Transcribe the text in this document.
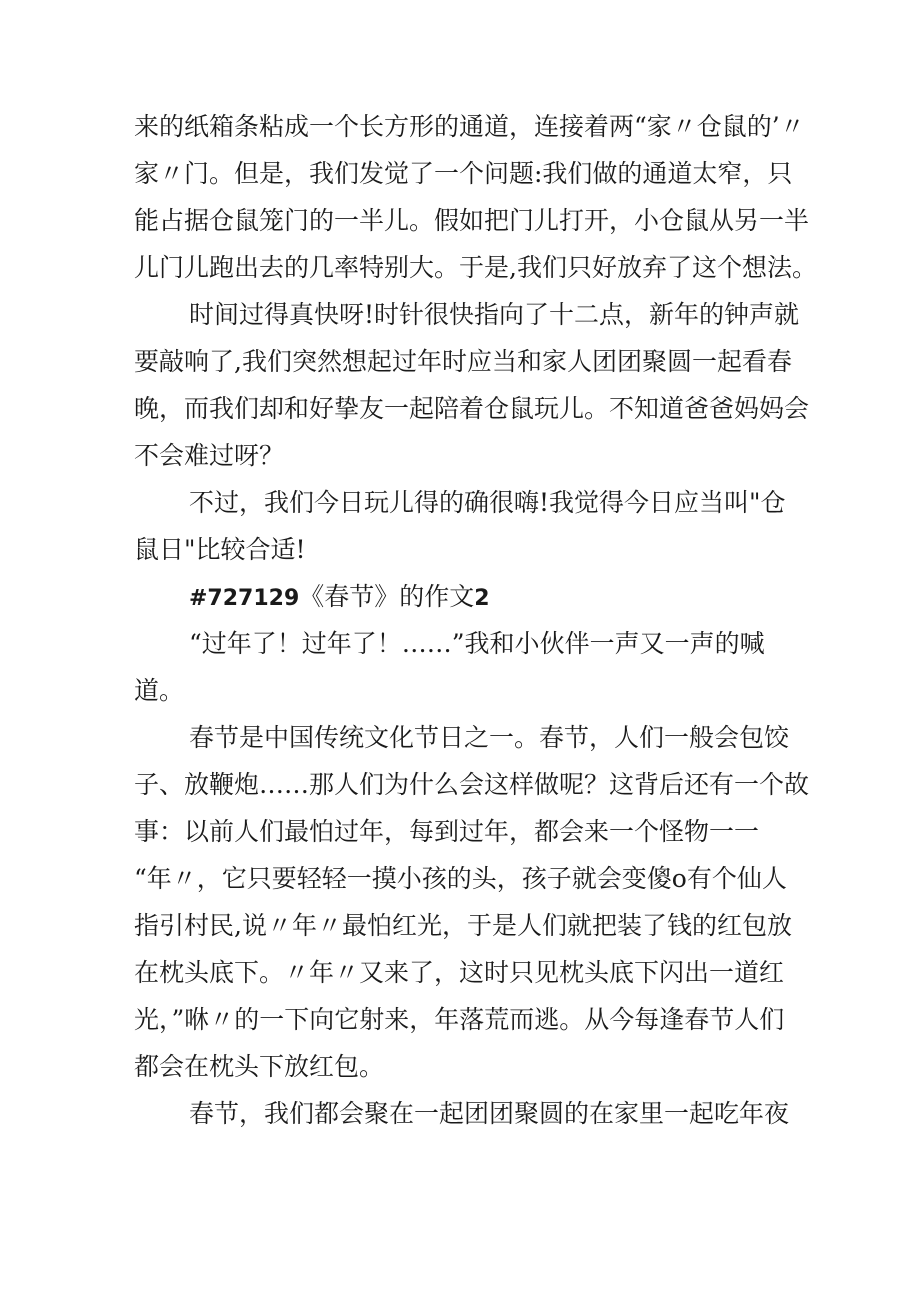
来的纸箱条粘成一个长方形的通道，连接着两“家〃仓鼠的’〃
家〃门。但是，我们发觉了一个问题:我们做的通道太窄，只
能占据仓鼠笼门的一半儿。假如把门儿打开，小仓鼠从另一半
儿门儿跑出去的几率特别大。于是,我们只好放弃了这个想法。
时间过得真快呀!时针很快指向了十二点，新年的钟声就
要敲响了,我们突然想起过年时应当和家人团团聚圆一起看春
晚，而我们却和好挚友一起陪着仓鼠玩儿。不知道爸爸妈妈会
不会难过呀？
不过，我们今日玩儿得的确很嗨!我觉得今日应当叫"仓
鼠日"比较合适!
#727129《春节》的作文2
“过年了！过年了！……”我和小伙伴一声又一声的喊
道。
春节是中国传统文化节日之一。春节，人们一般会包饺
子、放鞭炮……那人们为什么会这样做呢？这背后还有一个故
事：以前人们最怕过年，每到过年，都会来一个怪物一一
“年〃，它只要轻轻一摸小孩的头，孩子就会变傻o有个仙人
指引村民,说〃年〃最怕红光，于是人们就把装了钱的红包放
在枕头底下。〃年〃又来了，这时只见枕头底下闪出一道红
光，”咻〃的一下向它射来，年落荒而逃。从今每逢春节人们
都会在枕头下放红包。
春节，我们都会聚在一起团团聚圆的在家里一起吃年夜
